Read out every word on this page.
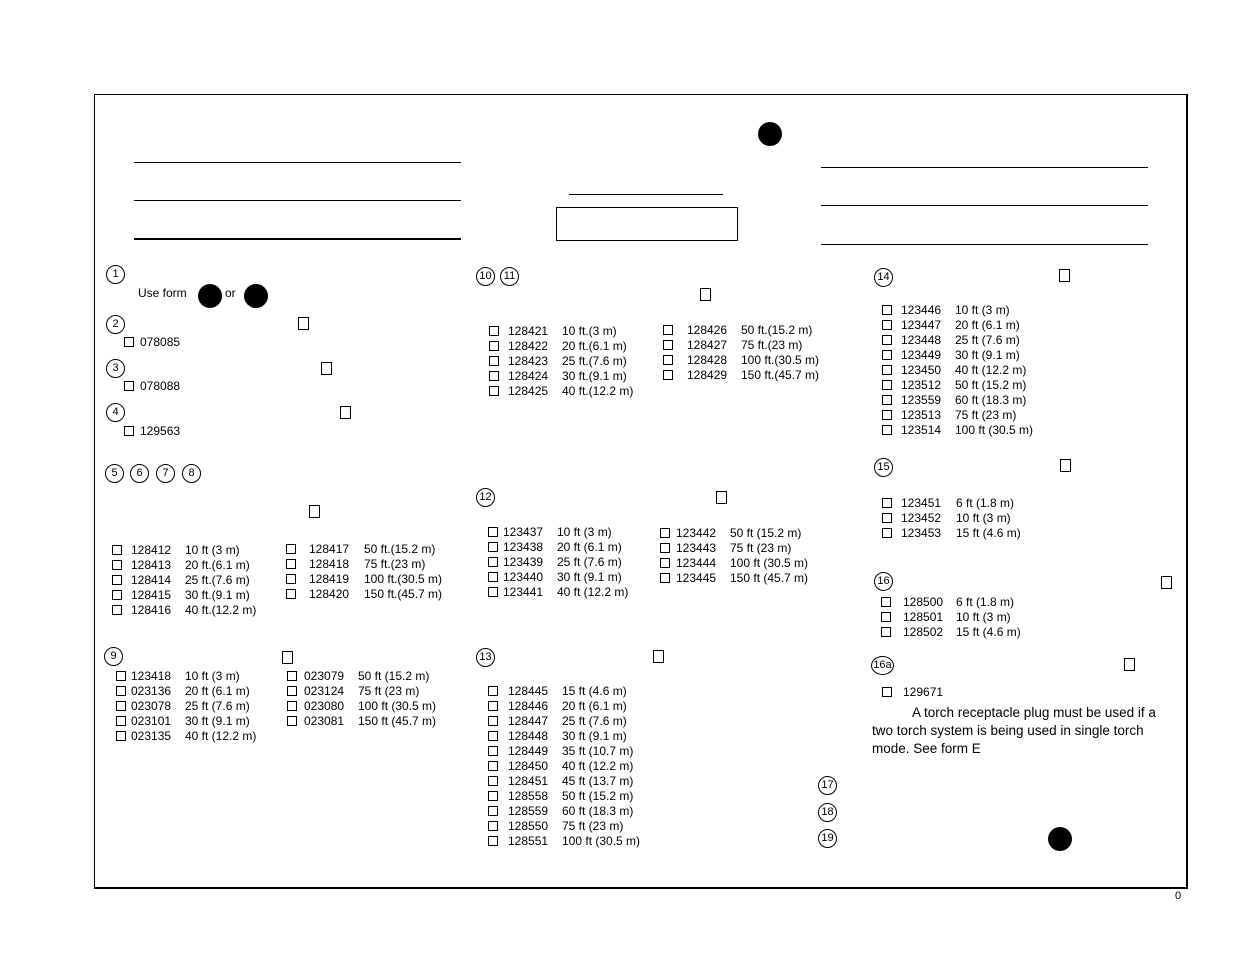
1
Use form	or
2
3
4
5	6	7	8
9
10	11
12
13
14
15
16
16a
A torch receptacle plug must be used if a two torch system is being used in single torch mode. See form E
17
18
19
0
078085
078088
129563
128412 10 ft (3 m)
128413 20 ft.(6.1 m)
128414 25 ft.(7.6 m)
128415 30 ft.(9.1 m)
128416 40 ft.(12.2 m)
128417 50 ft.(15.2 m)
128418 75 ft.(23 m)
128419 100 ft.(30.5 m)
128420 150 ft.(45.7 m)
123418 10 ft (3 m)
023136 20 ft (6.1 m)
023078 25 ft (7.6 m)
023101 30 ft (9.1 m)
023135 40 ft (12.2 m)
023079 50 ft (15.2 m)
023124 75 ft (23 m)
023080 100 ft (30.5 m)
023081 150 ft (45.7 m)
128421 10 ft.(3 m)
128422 20 ft.(6.1 m)
128423 25 ft.(7.6 m)
128424 30 ft.(9.1 m)
128425 40 ft.(12.2 m)
128426 50 ft.(15.2 m)
128427 75 ft.(23 m)
128428 100 ft.(30.5 m)
128429 150 ft.(45.7 m)
123437 10 ft (3 m)
123438 20 ft (6.1 m)
123439 25 ft (7.6 m)
123440 30 ft (9.1 m)
123441 40 ft (12.2 m)
123442 50 ft (15.2 m)
123443 75 ft (23 m)
123444 100 ft (30.5 m)
123445 150 ft (45.7 m)
128445 15 ft (4.6 m)
128446 20 ft (6.1 m)
128447 25 ft (7.6 m)
128448 30 ft (9.1 m)
128449 35 ft (10.7 m)
128450 40 ft (12.2 m)
128451 45 ft (13.7 m)
128558 50 ft (15.2 m)
128559 60 ft (18.3 m)
128550 75 ft (23 m)
128551 100 ft (30.5 m)
123446 10 ft (3 m)
123447 20 ft (6.1 m)
123448 25 ft (7.6 m)
123449 30 ft (9.1 m)
123450 40 ft (12.2 m)
123512 50 ft (15.2 m)
123559 60 ft (18.3 m)
123513 75 ft (23 m)
123514 100 ft (30.5 m)
123451 6 ft (1.8 m)
123452 10 ft (3 m)
123453 15 ft (4.6 m)
128500 6 ft (1.8 m)
128501 10 ft (3 m)
128502 15 ft (4.6 m)
129671
